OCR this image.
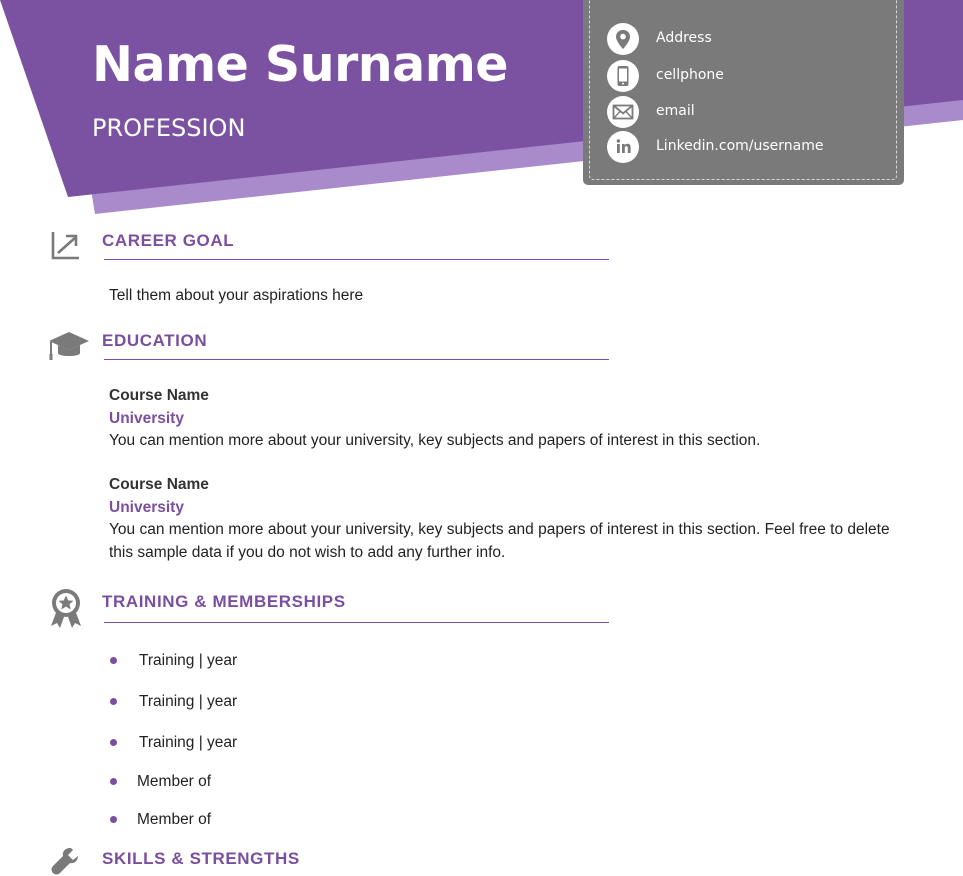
Name Surname
PROFESSION
Address
cellphone
email
Linkedin.com/username
CAREER GOAL
Tell them about your aspirations here
EDUCATION
Course Name
University
You can mention more about your university, key subjects and papers of interest in this section.
Course Name
University
You can mention more about your university, key subjects and papers of interest in this section. Feel free to delete this sample data if you do not wish to add any further info.
TRAINING & MEMBERSHIPS
Training | year
Training | year
Training | year
Member of
Member of
SKILLS & STRENGTHS
